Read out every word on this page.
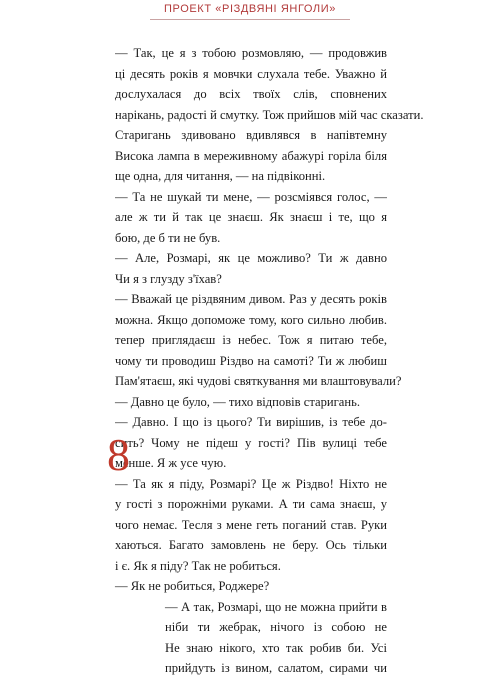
ПРОЕКТ «РІЗДВЯНІ ЯНГОЛИ»
— Так, це я з тобою розмовляю, — продовжив
ці десять років я мовчки слухала тебе. Уважно й
дослухалася до всіх твоїх слів, сповнених
нарікань, радості й смутку. Тож прийшов мій час сказати.
Старигань здивовано вдивлявся в напівтемну
Висока лампа в мереживному абажурі горіла біля
ще одна, для читання, — на підвіконні.
— Та не шукай ти мене, — розсміявся голос, —
але ж ти й так це знаєш. Як знаєш і те, що я
бою, де б ти не був.
— Але, Розмарі, як це можливо? Ти ж давно
Чи я з глузду з'їхав?
— Вважай це різдвяним дивом. Раз у десять років
можна. Якщо допоможе тому, кого сильно любив.
тепер приглядаєш із небес. Тож я питаю тебе,
чому ти проводиш Різдво на самоті? Ти ж любиш
Пам'ятаєш, які чудові святкування ми влаштовували?
— Давно це було, — тихо відповів старигань.
— Давно. І що із цього? Ти вирішив, із тебе до-
сить? Чому не підеш у гості? Пів вулиці тебе
менше. Я ж усе чую.
— Та як я піду, Розмарі? Це ж Різдво! Ніхто не
у гості з порожніми руками. А ти сама знаєш, у
чого немає. Тесля з мене геть поганий став. Руки
хаються. Багато замовлень не беру. Ось тільки
і є. Як я піду? Так не робиться.
— Як не робиться, Роджере?
— А так, Розмарі, що не можна прийти в
ніби ти жебрак, нічого із собою не
Не знаю нікого, хто так робив би. Усі
прийдуть із вином, салатом, сирами чи
8
